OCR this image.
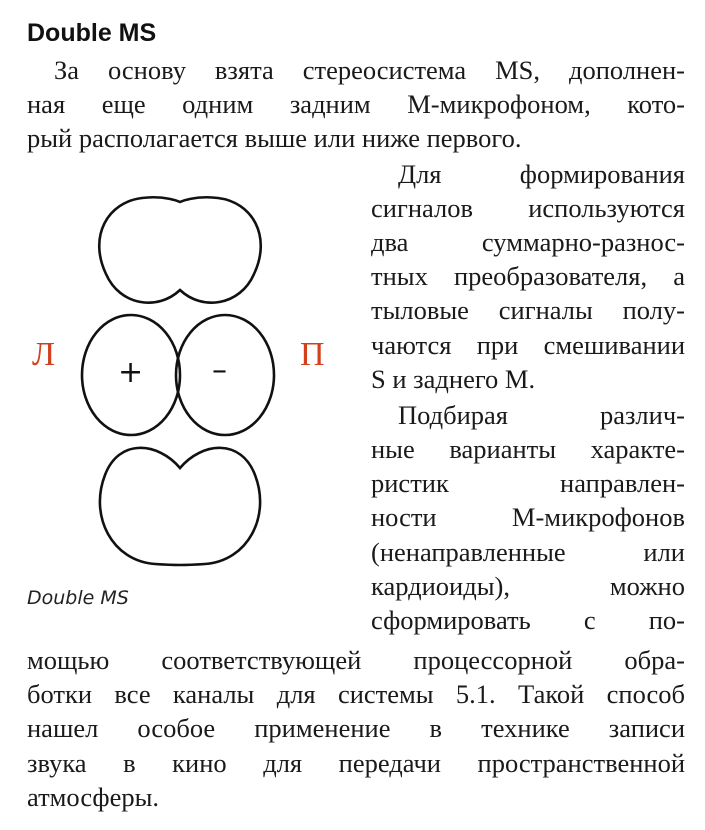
Double MS
За основу взята стереосистема MS, дополнен-
ная еще одним задним М-микрофоном, кото-
рый располагается выше или ниже первого.
Л	П
+ –
Double MS
Для формирования
сигналов используются
два суммарно-разнос-
тных преобразователя, а
тыловые сигналы полу-
чаются при смешивании
S и заднего М.
Подбирая различ-
ные варианты характе-
ристик направлен-
ности М-микрофонов
(ненаправленные или
кардиоиды), можно
сформировать с по-
мощью соответствующей процессорной обра-
ботки все каналы для системы 5.1. Такой способ
нашел особое применение в технике записи
звука в кино для передачи пространственной
атмосферы.
